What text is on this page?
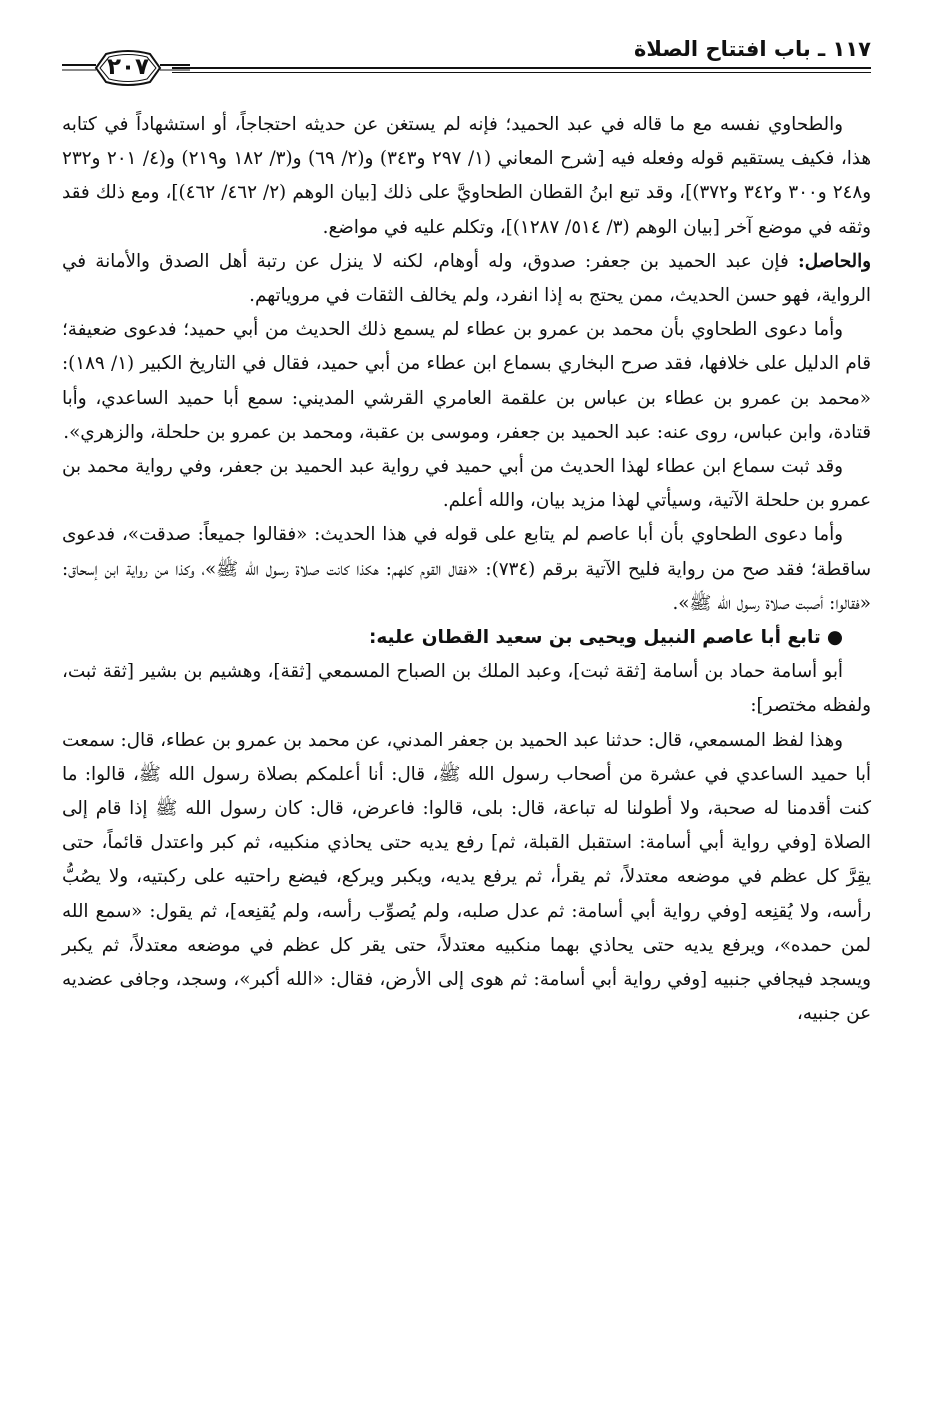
١١٧ ـ باب افتتاح الصلاة
٢٠٧

والطحاوي نفسه مع ما قاله في عبد الحميد؛ فإنه لم يستغن عن حديثه احتجاجاً، أو استشهاداً في كتابه هذا، فكيف يستقيم قوله وفعله فيه [شرح المعاني (١/ ٢٩٧ و٣٤٣) و(٢/ ٦٩) و(٣/ ١٨٢ و٢١٩) و(٤/ ٢٠١ و٢٣٢ و٢٤٨ و٣٠٠ و٣٤٢ و٣٧٢)]، وقد تبع ابنُ القطان الطحاويَّ على ذلك [بيان الوهم (٢/ ٤٦٢/ ٤٦٢)]، ومع ذلك فقد وثقه في موضع آخر [بيان الوهم (٣/ ٥١٤/ ١٢٨٧)]، وتكلم عليه في مواضع.

والحاصل: فإن عبد الحميد بن جعفر: صدوق، وله أوهام، لكنه لا ينزل عن رتبة أهل الصدق والأمانة في الرواية، فهو حسن الحديث، ممن يحتج به إذا انفرد، ولم يخالف الثقات في مروياتهم.

وأما دعوى الطحاوي بأن محمد بن عمرو بن عطاء لم يسمع ذلك الحديث من أبي حميد؛ فدعوى ضعيفة؛ قام الدليل على خلافها، فقد صرح البخاري بسماع ابن عطاء من أبي حميد، فقال في التاريخ الكبير (١/ ١٨٩): «محمد بن عمرو بن عطاء بن عباس بن علقمة العامري القرشي المديني: سمع أبا حميد الساعدي، وأبا قتادة، وابن عباس، روى عنه: عبد الحميد بن جعفر، وموسى بن عقبة، ومحمد بن عمرو بن حلحلة، والزهري».

وقد ثبت سماع ابن عطاء لهذا الحديث من أبي حميد في رواية عبد الحميد بن جعفر، وفي رواية محمد بن عمرو بن حلحلة الآتية، وسيأتي لهذا مزيد بيان، والله أعلم.

وأما دعوى الطحاوي بأن أبا عاصم لم يتابع على قوله في هذا الحديث: «فقالوا جميعاً: صدقت»، فدعوى ساقطة؛ فقد صح من رواية فليح الآتية برقم (٧٣٤): «فقال القوم كلهم: هكذا كانت صلاة رسول الله ﷺ»، وكذا من رواية ابن إسحاق: «فقالوا: أصبت صلاة رسول الله ﷺ».

●تابع أبا عاصم النبيل ويحيى بن سعيد القطان عليه:

أبو أسامة حماد بن أسامة [ثقة ثبت]، وعبد الملك بن الصباح المسمعي [ثقة]، وهشيم بن بشير [ثقة ثبت، ولفظه مختصر]:

وهذا لفظ المسمعي، قال: حدثنا عبد الحميد بن جعفر المدني، عن محمد بن عمرو بن عطاء، قال: سمعت أبا حميد الساعدي في عشرة من أصحاب رسول الله ﷺ، قال: أنا أعلمكم بصلاة رسول الله ﷺ، قالوا: ما كنت أقدمنا له صحبة، ولا أطولنا له تباعة، قال: بلى، قالوا: فاعرض، قال: كان رسول الله ﷺ إذا قام إلى الصلاة [وفي رواية أبي أسامة: استقبل القبلة، ثم] رفع يديه حتى يحاذي منكبيه، ثم كبر واعتدل قائماً، حتى يقِرَّ كل عظم في موضعه معتدلاً، ثم يقرأ، ثم يرفع يديه، ويكبر ويركع، فيضع راحتيه على ركبتيه، ولا يصُبُّ رأسه، ولا يُقنِعه [وفي رواية أبي أسامة: ثم عدل صلبه، ولم يُصوِّب رأسه، ولم يُقنِعه]، ثم يقول: «سمع الله لمن حمده»، ويرفع يديه حتى يحاذي بهما منكبيه معتدلاً، حتى يقر كل عظم في موضعه معتدلاً، ثم يكبر ويسجد فيجافي جنبيه [وفي رواية أبي أسامة: ثم هوى إلى الأرض، فقال: «الله أكبر»، وسجد، وجافى عضديه عن جنبيه،
